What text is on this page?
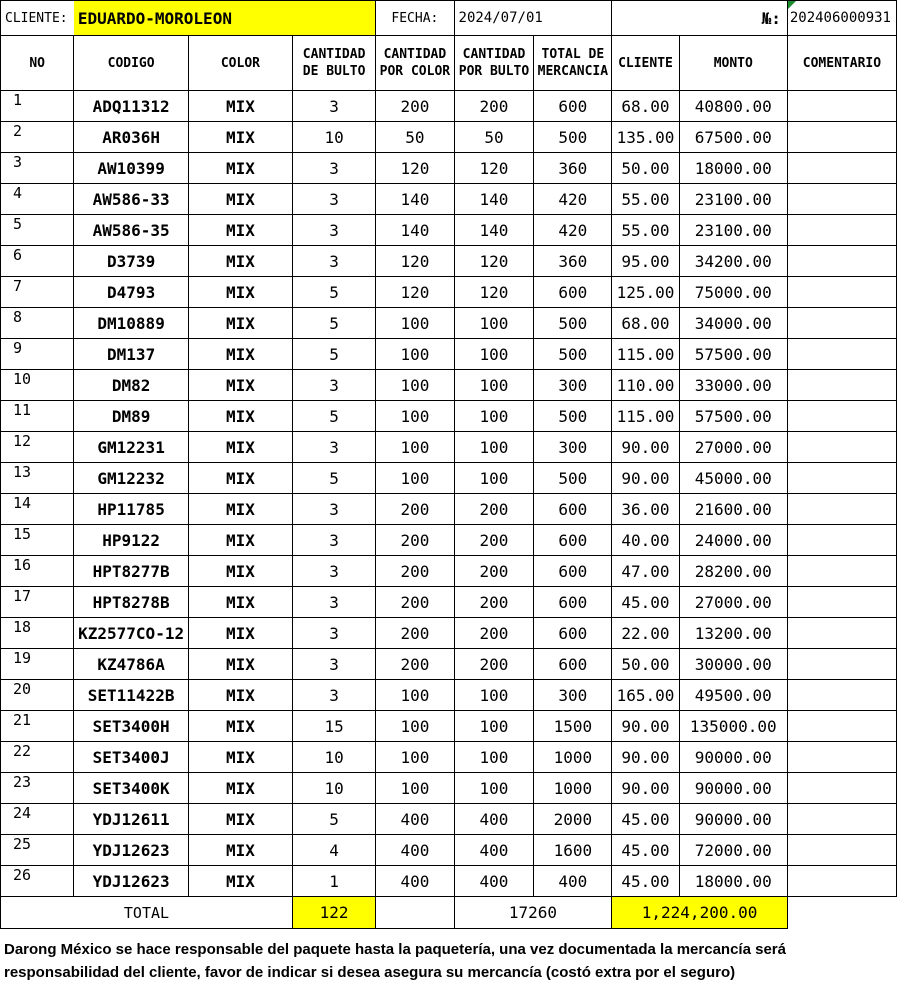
CLIENTE:	EDUARDO-MOROLEON			FECHA:	2024/07/01		№:		202406000931
NO	CODIGO	COLOR	CANTIDAD DE BULTO	CANTIDAD POR COLOR	CANTIDAD POR BULTO	TOTAL DE MERCANCIA	CLIENTE	MONTO	COMENTARIO
1	ADQ11312	MIX	3	200	200	600	68.00	40800.00	
2	AR036H	MIX	10	50	50	500	135.00	67500.00	
3	AW10399	MIX	3	120	120	360	50.00	18000.00	
4	AW586-33	MIX	3	140	140	420	55.00	23100.00	
5	AW586-35	MIX	3	140	140	420	55.00	23100.00	
6	D3739	MIX	3	120	120	360	95.00	34200.00	
7	D4793	MIX	5	120	120	600	125.00	75000.00	
8	DM10889	MIX	5	100	100	500	68.00	34000.00	
9	DM137	MIX	5	100	100	500	115.00	57500.00	
10	DM82	MIX	3	100	100	300	110.00	33000.00	
11	DM89	MIX	5	100	100	500	115.00	57500.00	
12	GM12231	MIX	3	100	100	300	90.00	27000.00	
13	GM12232	MIX	5	100	100	500	90.00	45000.00	
14	HP11785	MIX	3	200	200	600	36.00	21600.00	
15	HP9122	MIX	3	200	200	600	40.00	24000.00	
16	HPT8277B	MIX	3	200	200	600	47.00	28200.00	
17	HPT8278B	MIX	3	200	200	600	45.00	27000.00	
18	KZ2577CO-12	MIX	3	200	200	600	22.00	13200.00	
19	KZ4786A	MIX	3	200	200	600	50.00	30000.00	
20	SET11422B	MIX	3	100	100	300	165.00	49500.00	
21	SET3400H	MIX	15	100	100	1500	90.00	135000.00	
22	SET3400J	MIX	10	100	100	1000	90.00	90000.00	
23	SET3400K	MIX	10	100	100	1000	90.00	90000.00	
24	YDJ12611	MIX	5	400	400	2000	45.00	90000.00	
25	YDJ12623	MIX	4	400	400	1600	45.00	72000.00	
26	YDJ12623	MIX	1	400	400	400	45.00	18000.00	
TOTAL			122		17260		1,224,200.00		
Darong México se hace responsable del paquete hasta la paquetería, una vez documentada la mercancía será responsabilidad del cliente, favor de indicar si desea asegura su mercancía (costó extra por el seguro)
